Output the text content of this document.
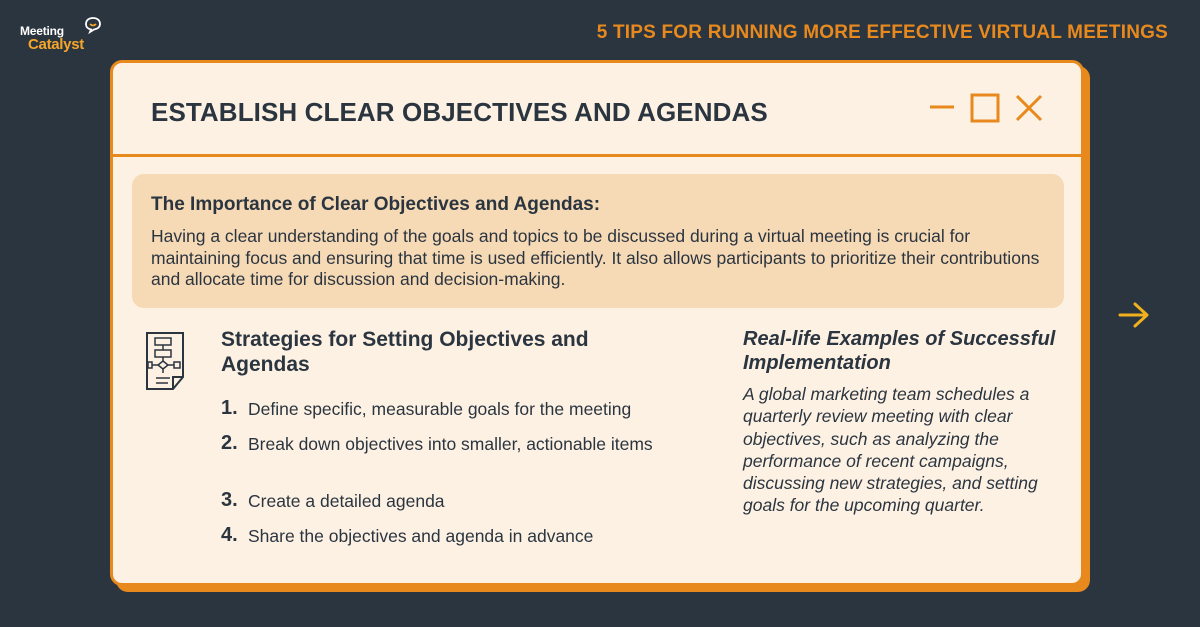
Meeting
Catalyst
5 TIPS FOR RUNNING MORE EFFECTIVE VIRTUAL MEETINGS
ESTABLISH CLEAR OBJECTIVES AND AGENDAS
The Importance of Clear Objectives and Agendas:
Having a clear understanding of the goals and topics to be discussed during a virtual meeting is crucial for maintaining focus and ensuring that time is used efficiently. It also allows participants to prioritize their contributions and allocate time for discussion and decision-making.
Strategies for Setting Objectives and Agendas
1. Define specific, measurable goals for the meeting
2. Break down objectives into smaller, actionable items
3. Create a detailed agenda
4. Share the objectives and agenda in advance
Real-life Examples of Successful Implementation
A global marketing team schedules a quarterly review meeting with clear objectives, such as analyzing the performance of recent campaigns, discussing new strategies, and setting goals for the upcoming quarter.
